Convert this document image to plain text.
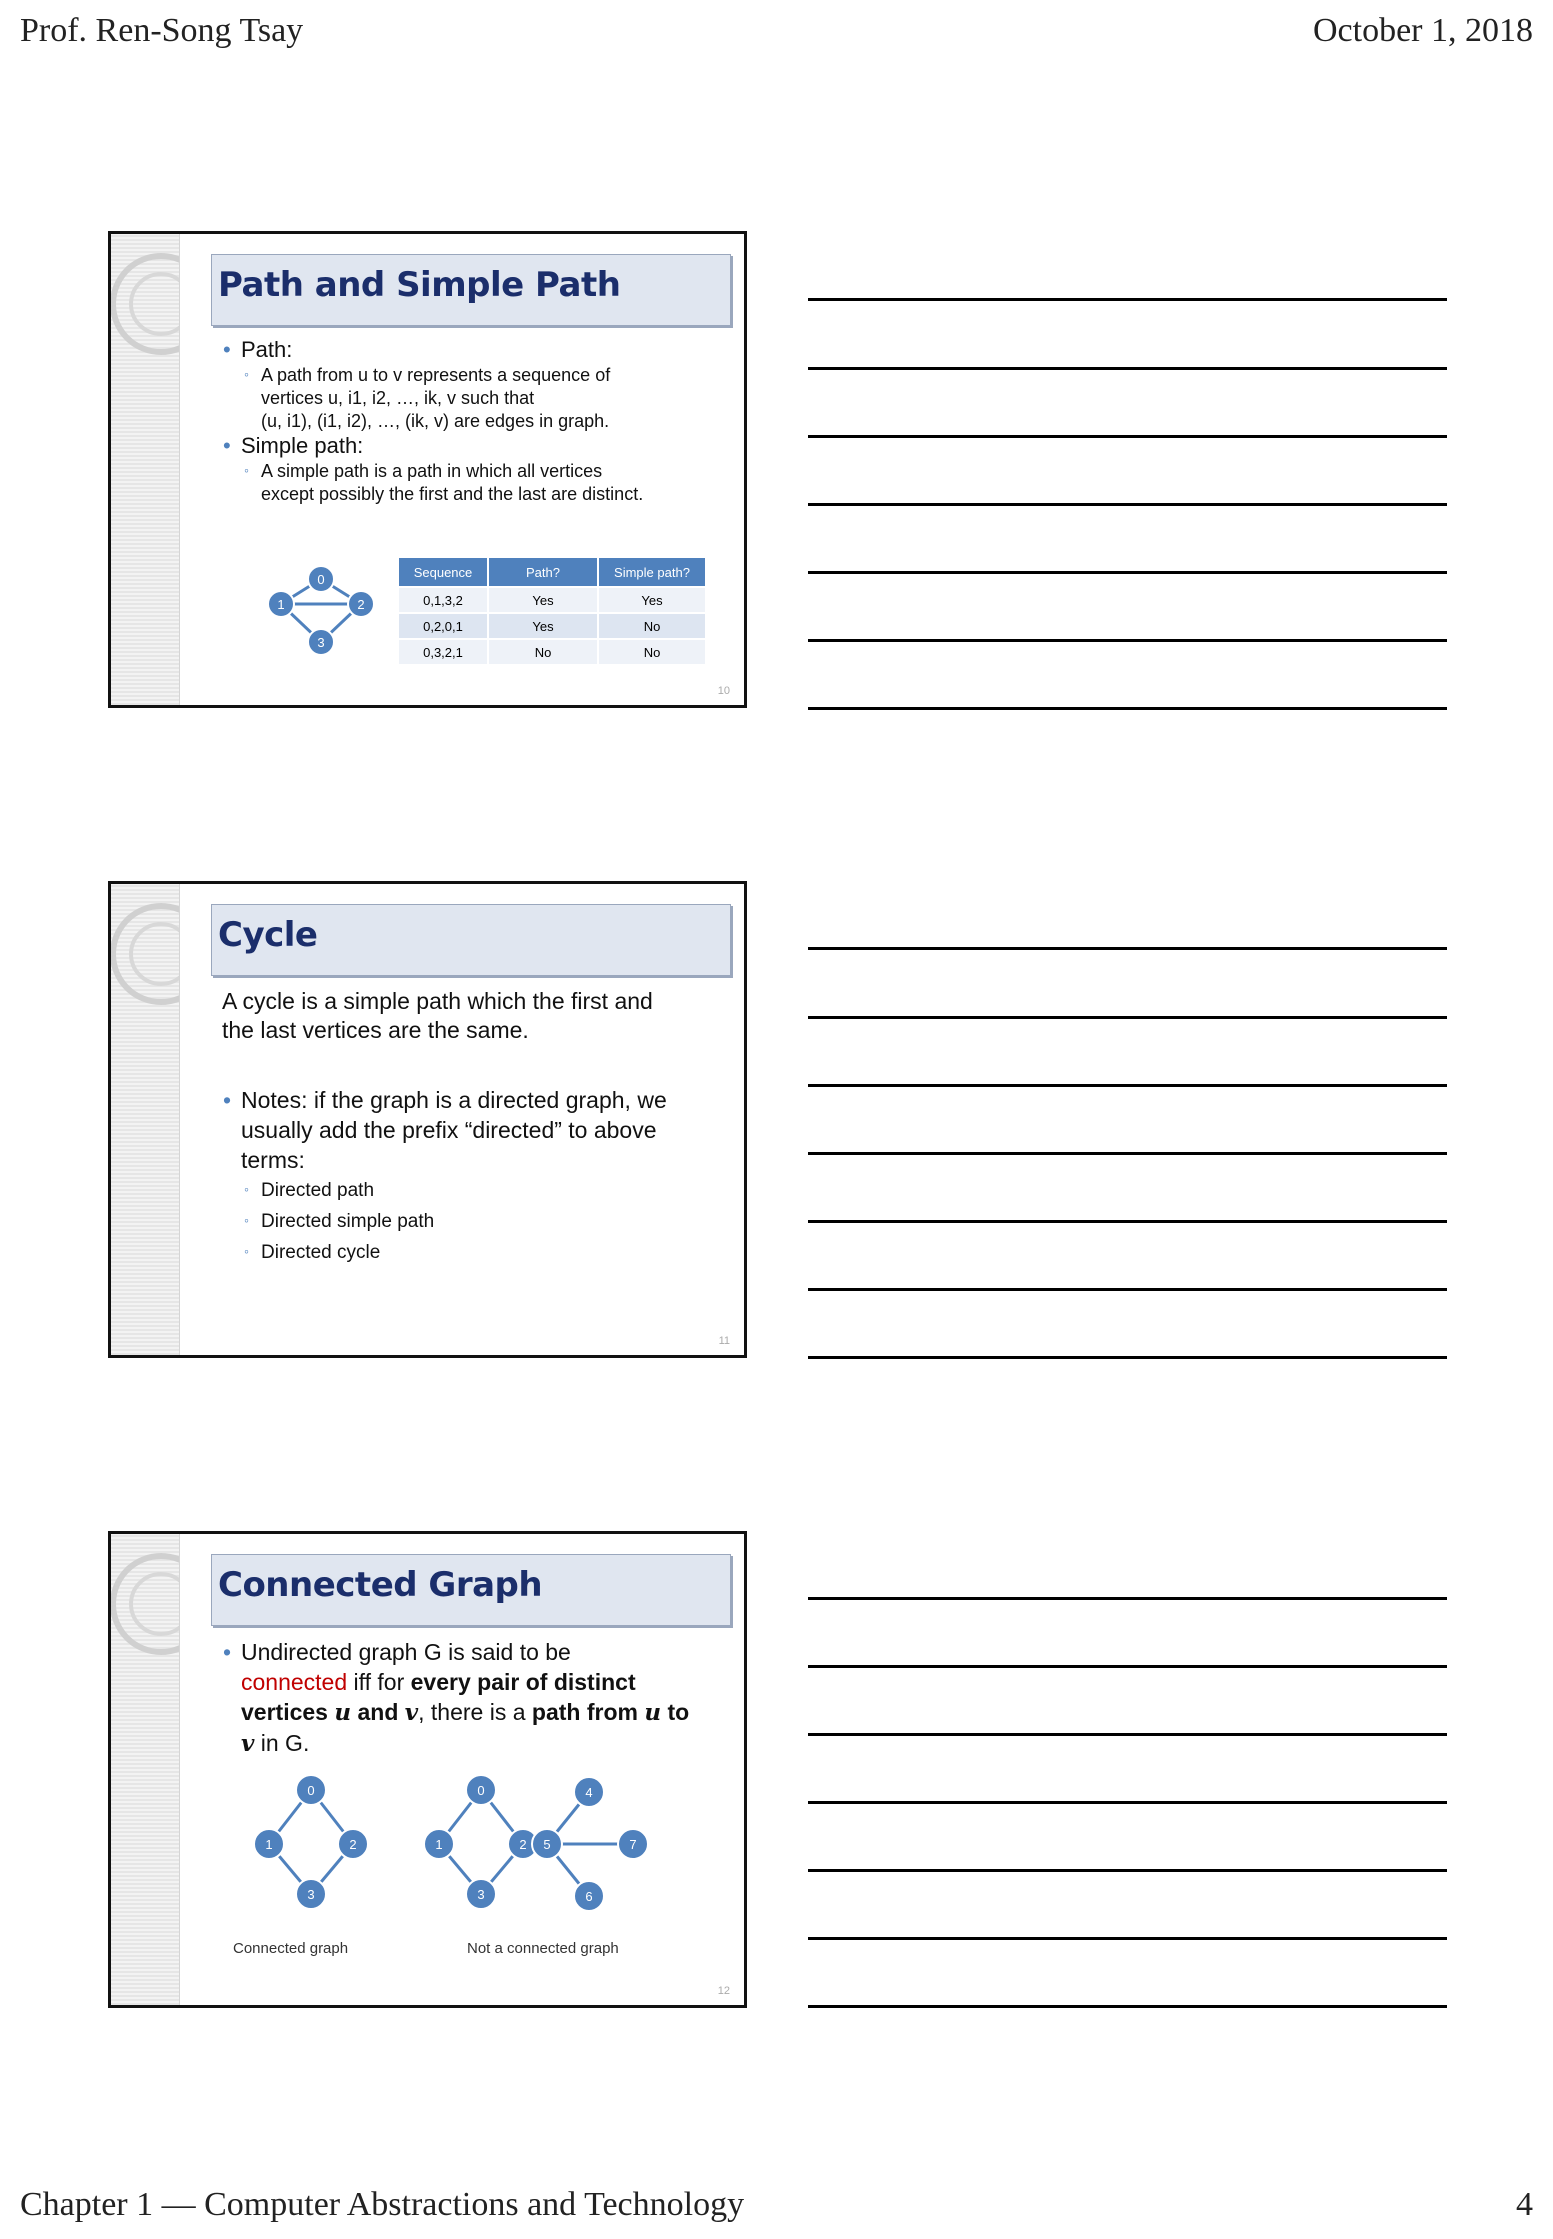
Prof. Ren-Song Tsay	October 1, 2018
Chapter 1 — Computer Abstractions and Technology	4
Path and Simple Path
• Path:
◦ A path from u to v represents a sequence of
vertices u, i1, i2, …, ik, v such that
(u, i1), (i1, i2), …, (ik, v) are edges in graph.
• Simple path:
◦ A simple path is a path in which all vertices
except possibly the first and the last are distinct.
0
1	2
3
Sequence	Path?	Simple path?
0,1,3,2	Yes	Yes
0,2,0,1	Yes	No
0,3,2,1	No	No
10
Cycle
A cycle is a simple path which the first and
the last vertices are the same.
• Notes: if the graph is a directed graph, we
usually add the prefix “directed” to above
terms:
◦ Directed path
◦ Directed simple path
◦ Directed cycle
11
Connected Graph
• Undirected graph G is said to be
connected iff for every pair of distinct
vertices u and v, there is a path from u to
v in G.
0
1	2
3
0
1	2
3
4
5	7
6
Connected graph	Not a connected graph
12
